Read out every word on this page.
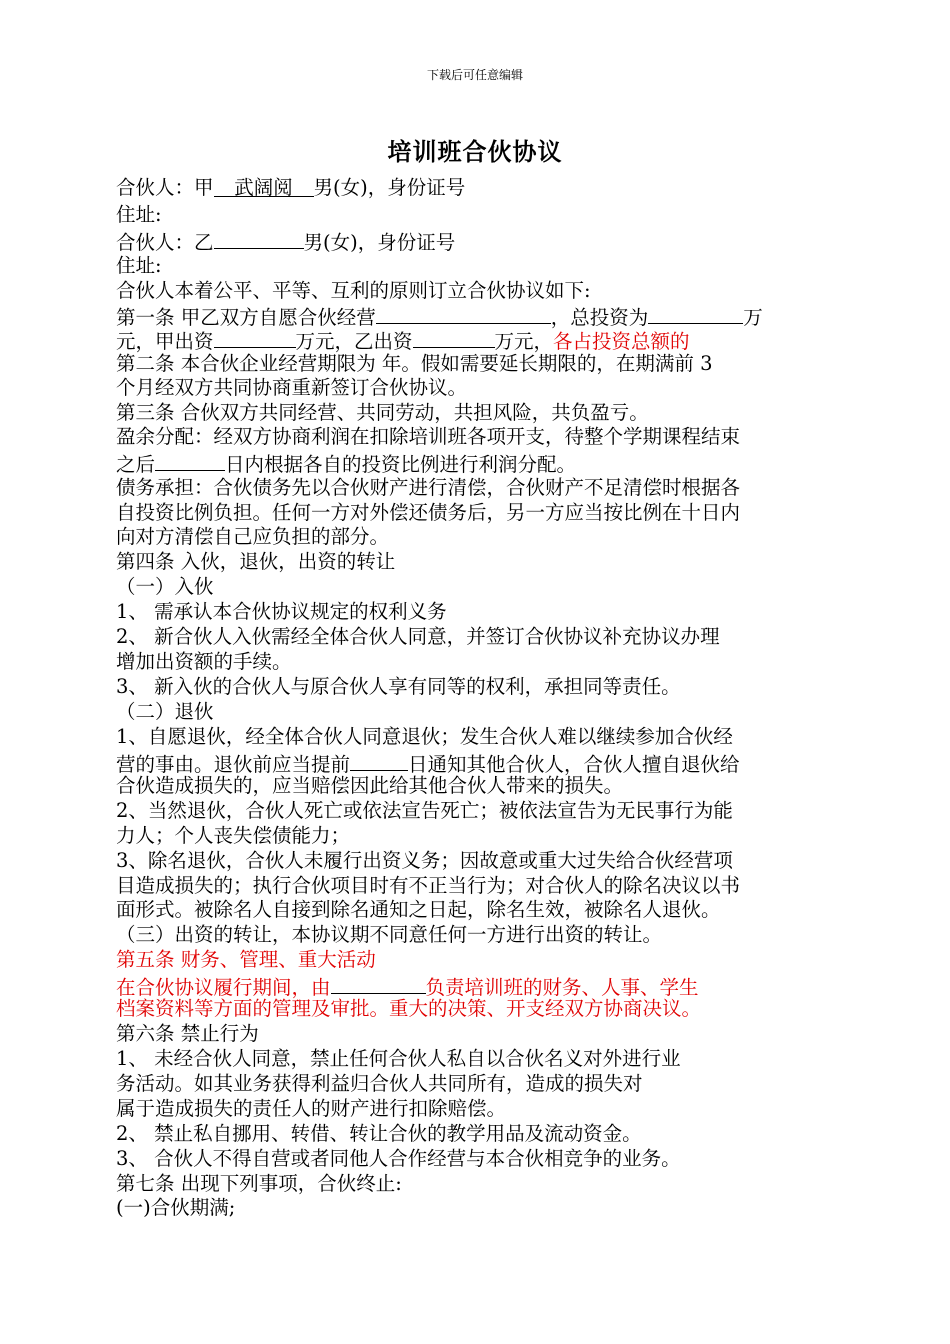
下载后可任意编辑
培训班合伙协议
合伙人：甲 武阔阅 男(女)，身份证号
住址:
合伙人：乙	男(女)，身份证号
住址:
合伙人本着公平、平等、互利的原则订立合伙协议如下:
第一条 甲乙双方自愿合伙经营	，总投资为	万
元，甲出资	万元，乙出资	万元，各占投资总额的
第二条 本合伙企业经营期限为 年。假如需要延长期限的，在期满前 3
个月经双方共同协商重新签订合伙协议。
第三条 合伙双方共同经营、共同劳动，共担风险，共负盈亏。
盈余分配：经双方协商利润在扣除培训班各项开支，待整个学期课程结束
之后	日内根据各自的投资比例进行利润分配。
债务承担：合伙债务先以合伙财产进行清偿，合伙财产不足清偿时根据各
自投资比例负担。任何一方对外偿还债务后，另一方应当按比例在十日内
向对方清偿自己应负担的部分。
第四条 入伙，退伙，出资的转让
（一）入伙
1、 需承认本合伙协议规定的权利义务
2、 新合伙人入伙需经全体合伙人同意，并签订合伙协议补充协议办理
增加出资额的手续。
3、 新入伙的合伙人与原合伙人享有同等的权利，承担同等责任。
（二）退伙
1、自愿退伙，经全体合伙人同意退伙；发生合伙人难以继续参加合伙经
营的事由。退伙前应当提前	日通知其他合伙人，合伙人擅自退伙给
合伙造成损失的，应当赔偿因此给其他合伙人带来的损失。
2、当然退伙，合伙人死亡或依法宣告死亡；被依法宣告为无民事行为能
力人；个人丧失偿债能力；
3、除名退伙，合伙人未履行出资义务；因故意或重大过失给合伙经营项
目造成损失的；执行合伙项目时有不正当行为；对合伙人的除名决议以书
面形式。被除名人自接到除名通知之日起，除名生效，被除名人退伙。
（三）出资的转让，本协议期不同意任何一方进行出资的转让。
第五条 财务、管理、重大活动
在合伙协议履行期间，由	负责培训班的财务、人事、学生
档案资料等方面的管理及审批。重大的决策、开支经双方协商决议。
第六条 禁止行为
1、 未经合伙人同意，禁止任何合伙人私自以合伙名义对外进行业
务活动。如其业务获得利益归合伙人共同所有，造成的损失对
属于造成损失的责任人的财产进行扣除赔偿。
2、 禁止私自挪用、转借、转让合伙的教学用品及流动资金。
3、 合伙人不得自营或者同他人合作经营与本合伙相竞争的业务。
第七条 出现下列事项，合伙终止:
(一)合伙期满;
